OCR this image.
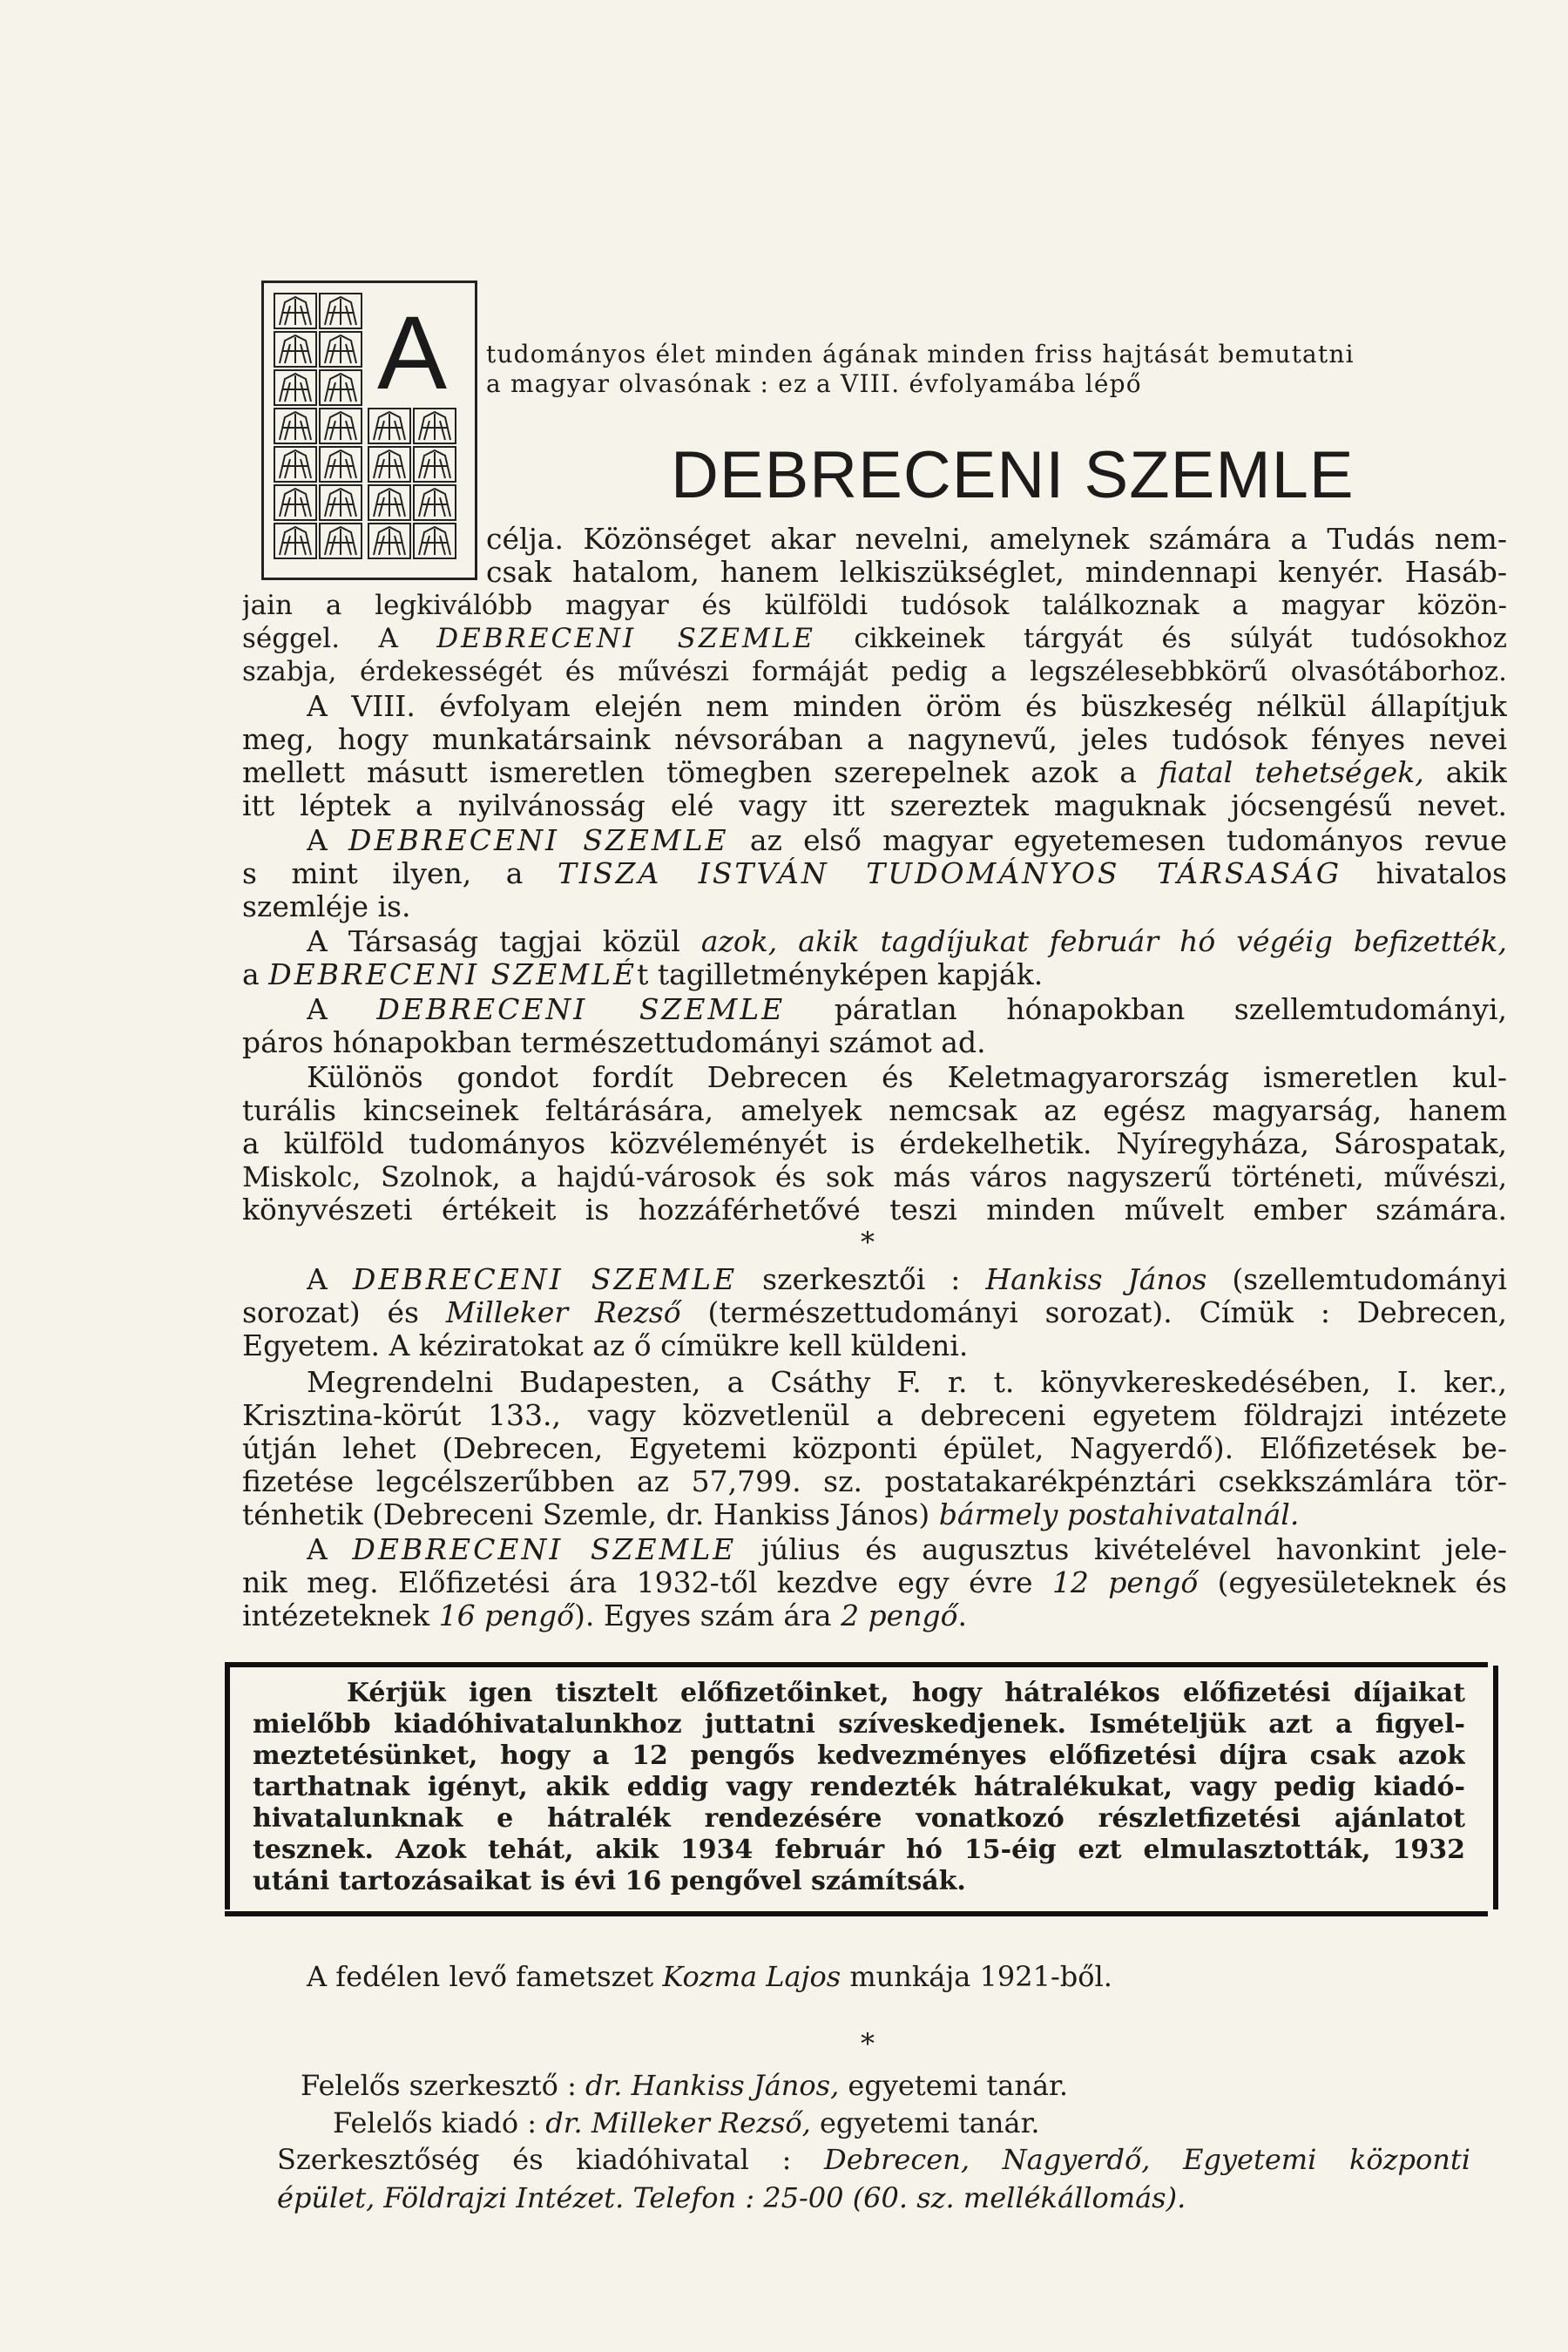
A tudományos élet minden ágának minden friss hajtását bemutatni
a magyar olvasónak : ez a VIII. évfolyamába lépő
DEBRECENI SZEMLE
célja. Közönséget akar nevelni, amelynek számára a Tudás nem-
csak hatalom, hanem lelkiszükséglet, mindennapi kenyér. Hasáb-
jain a legkiválóbb magyar és külföldi tudósok találkoznak a magyar közön-
séggel. A DEBRECENI SZEMLE cikkeinek tárgyát és súlyát tudósokhoz
szabja, érdekességét és művészi formáját pedig a legszélesebbkörű olvasótáborhoz.
A VIII. évfolyam elején nem minden öröm és büszkeség nélkül állapítjuk
meg, hogy munkatársaink névsorában a nagynevű, jeles tudósok fényes nevei
mellett másutt ismeretlen tömegben szerepelnek azok a fiatal tehetségek, akik
itt léptek a nyilvánosság elé vagy itt szereztek maguknak jócsengésű nevet.
A DEBRECENI SZEMLE az első magyar egyetemesen tudományos revue
s mint ilyen, a TISZA ISTVÁN TUDOMÁNYOS TÁRSASÁG hivatalos
szemléje is.
A Társaság tagjai közül azok, akik tagdíjukat február hó végéig befizették,
a DEBRECENI SZEMLÉt tagilletményképen kapják.
A DEBRECENI SZEMLE páratlan hónapokban szellemtudományi,
páros hónapokban természettudományi számot ad.
Különös gondot fordít Debrecen és Keletmagyarország ismeretlen kul-
turális kincseinek feltárására, amelyek nemcsak az egész magyarság, hanem
a külföld tudományos közvéleményét is érdekelhetik. Nyíregyháza, Sárospatak,
Miskolc, Szolnok, a hajdú-városok és sok más város nagyszerű történeti, művészi,
könyvészeti értékeit is hozzáférhetővé teszi minden művelt ember számára.
*
A DEBRECENI SZEMLE szerkesztői : Hankiss János (szellemtudományi
sorozat) és Milleker Rezső (természettudományi sorozat). Címük : Debrecen,
Egyetem. A kéziratokat az ő címükre kell küldeni.
Megrendelni Budapesten, a Csáthy F. r. t. könyvkereskedésében, I. ker.,
Krisztina-körút 133., vagy közvetlenül a debreceni egyetem földrajzi intézete
útján lehet (Debrecen, Egyetemi központi épület, Nagyerdő). Előfizetések be-
fizetése legcélszerűbben az 57,799. sz. postatakarékpénztári csekkszámlára tör-
ténhetik (Debreceni Szemle, dr. Hankiss János) bármely postahivatalnál.
A DEBRECENI SZEMLE július és augusztus kivételével havonkint jele-
nik meg. Előfizetési ára 1932-től kezdve egy évre 12 pengő (egyesületeknek és
intézeteknek 16 pengő). Egyes szám ára 2 pengő.
Kérjük igen tisztelt előfizetőinket, hogy hátralékos előfizetési díjaikat
mielőbb kiadóhivatalunkhoz juttatni szíveskedjenek. Ismételjük azt a figyel-
meztetésünket, hogy a 12 pengős kedvezményes előfizetési díjra csak azok
tarthatnak igényt, akik eddig vagy rendezték hátralékukat, vagy pedig kiadó-
hivatalunknak e hátralék rendezésére vonatkozó részletfizetési ajánlatot
tesznek. Azok tehát, akik 1934 február hó 15-éig ezt elmulasztották, 1932
utáni tartozásaikat is évi 16 pengővel számítsák.
A fedélen levő fametszet Kozma Lajos munkája 1921-ből.
*
Felelős szerkesztő : dr. Hankiss János, egyetemi tanár.
Felelős kiadó : dr. Milleker Rezső, egyetemi tanár.
Szerkesztőség és kiadóhivatal : Debrecen, Nagyerdő, Egyetemi központi
épület, Földrajzi Intézet. Telefon : 25-00 (60. sz. mellékállomás).
